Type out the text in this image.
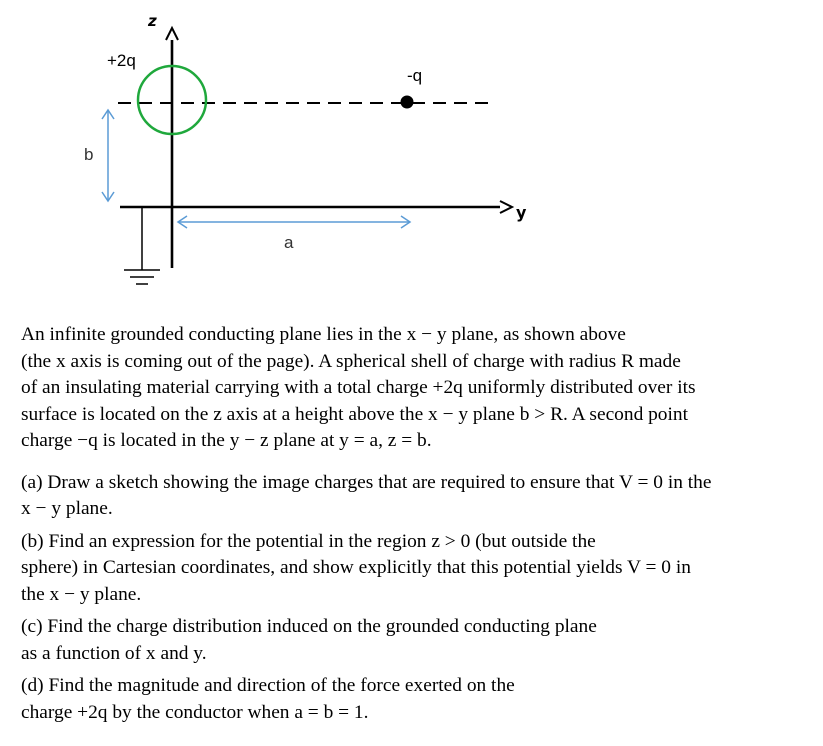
z
y
+2q
-q
b
a

An infinite grounded conducting plane lies in the x − y plane, as shown above
(the x axis is coming out of the page). A spherical shell of charge with radius R made
of an insulating material carrying with a total charge +2q uniformly distributed over its
surface is located on the z axis at a height above the x − y plane b > R. A second point
charge −q is located in the y − z plane at y = a, z = b.

(a) Draw a sketch showing the image charges that are required to ensure that V = 0 in the
x − y plane.

(b) Find an expression for the potential in the region z > 0 (but outside the
sphere) in Cartesian coordinates, and show explicitly that this potential yields V = 0 in
the x − y plane.

(c) Find the charge distribution induced on the grounded conducting plane
as a function of x and y.

(d) Find the magnitude and direction of the force exerted on the
charge +2q by the conductor when a = b = 1.
